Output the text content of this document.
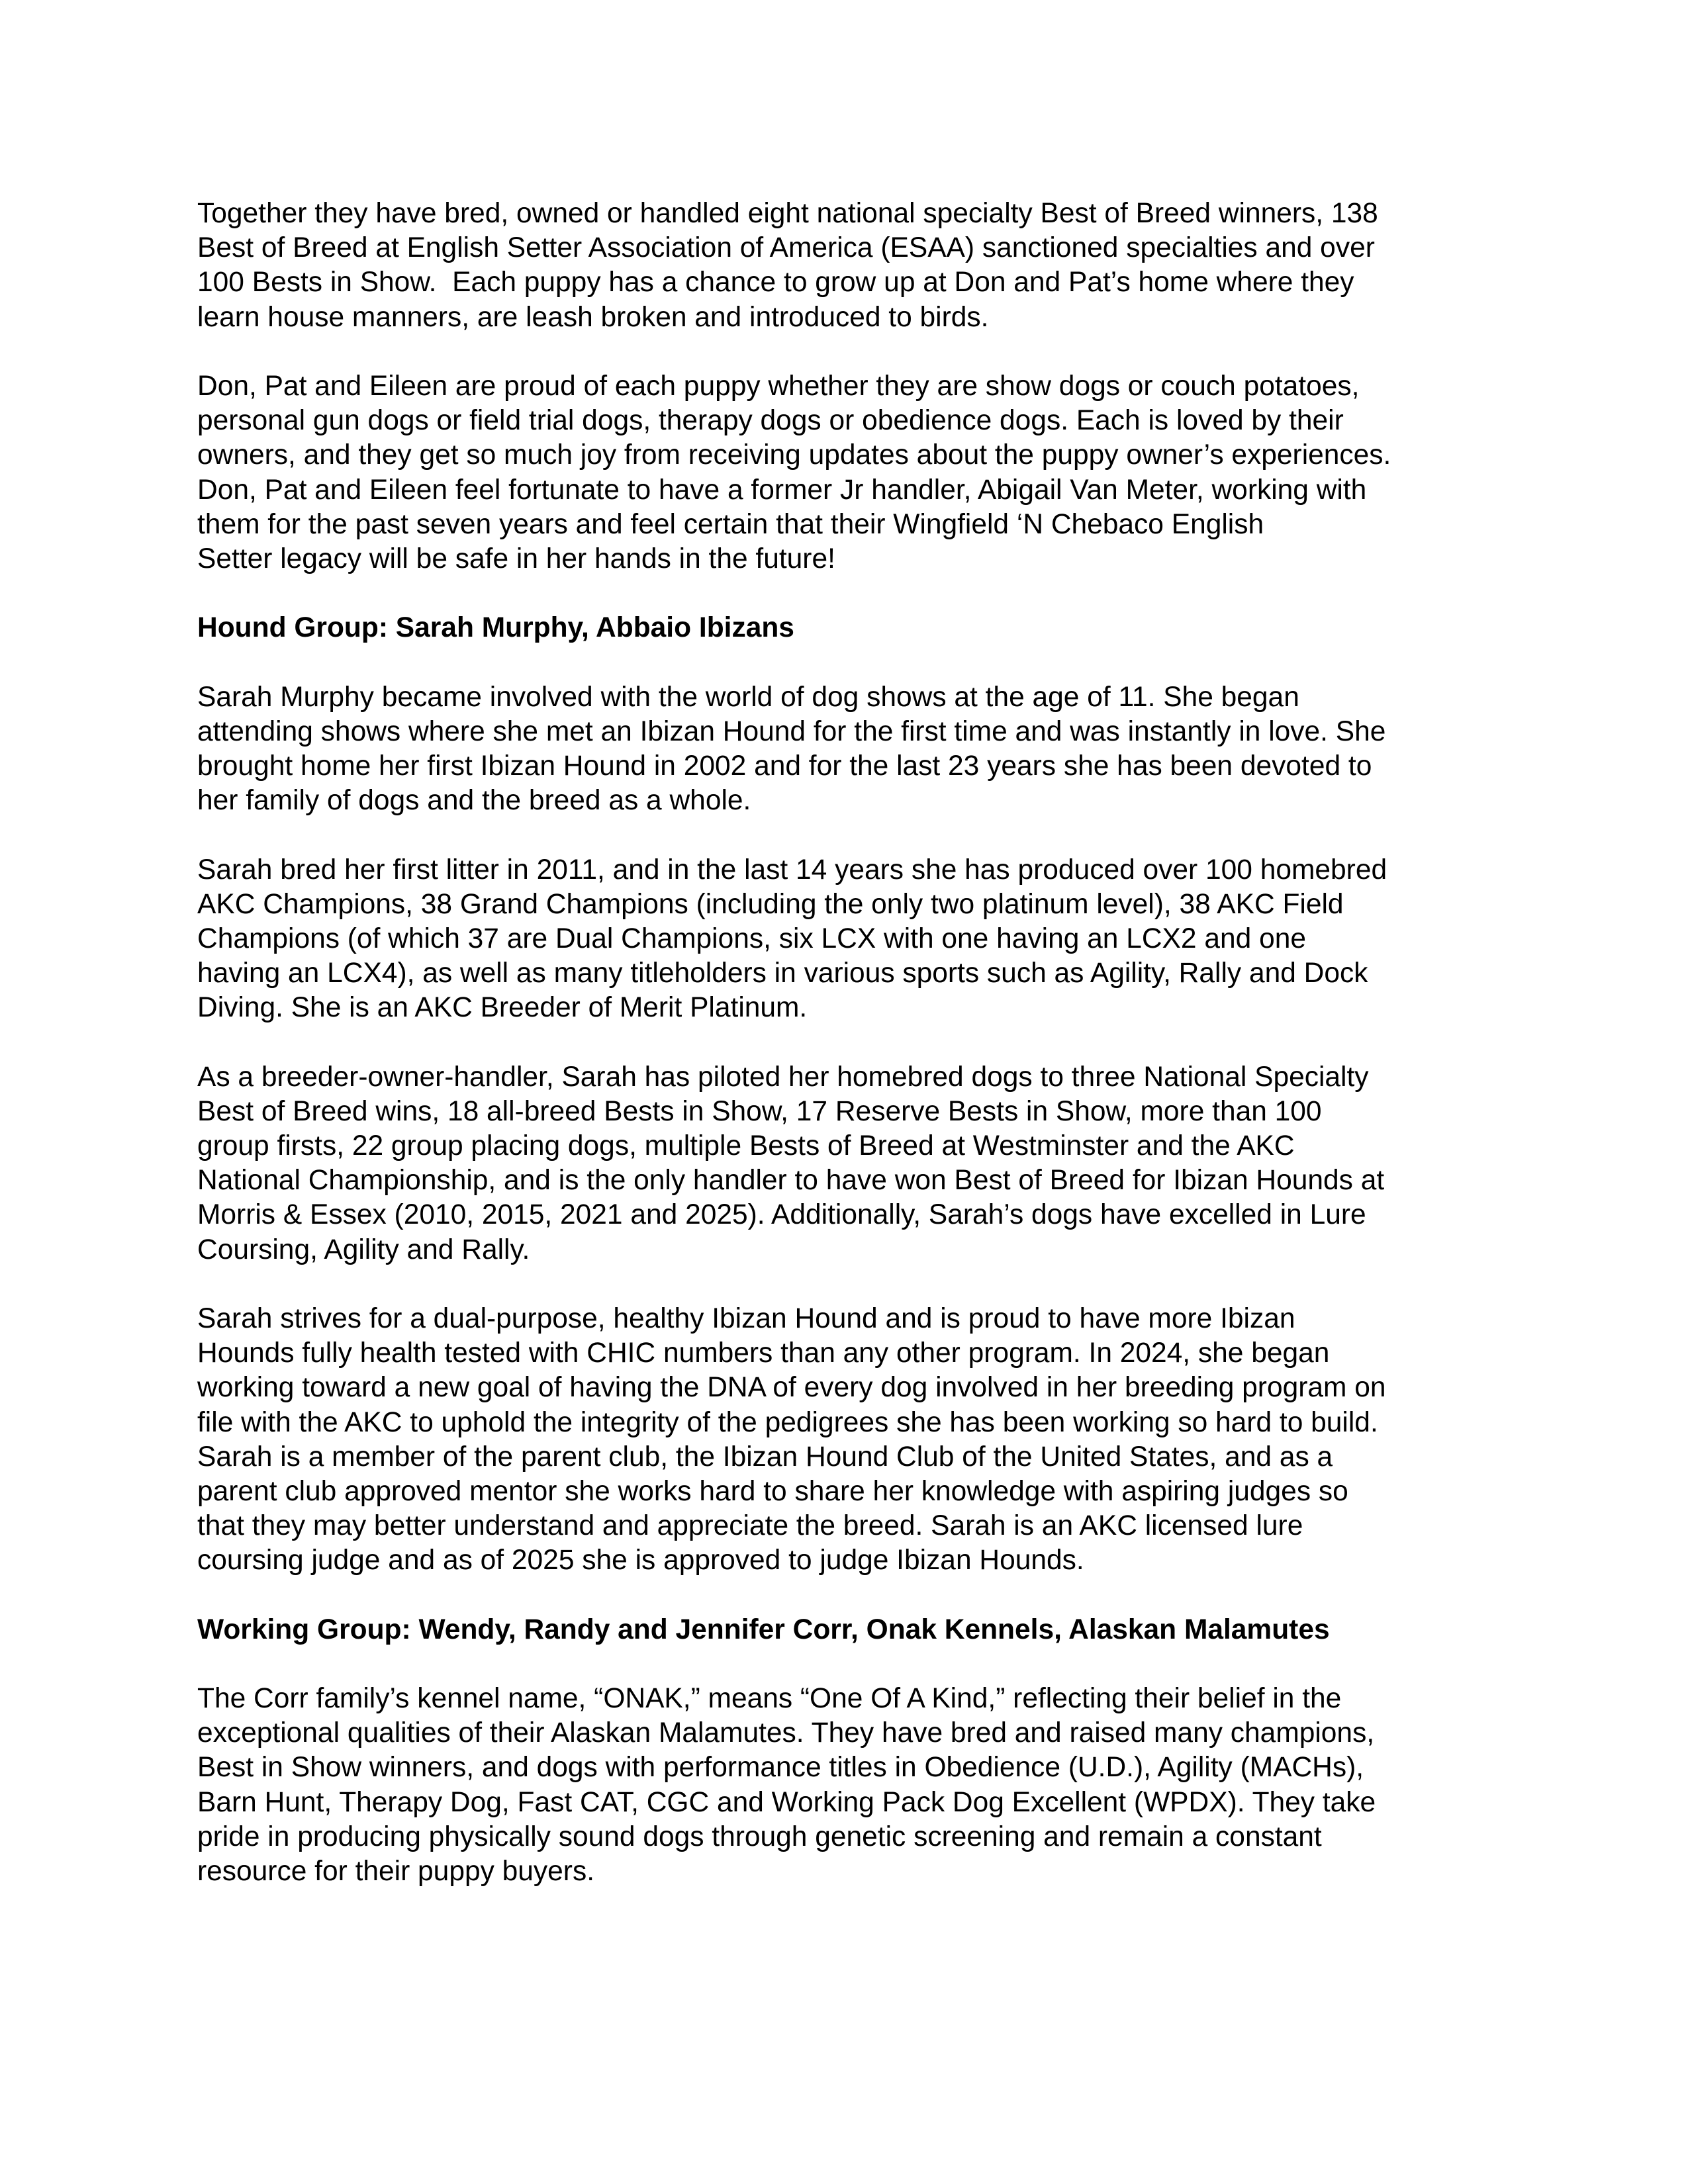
Together they have bred, owned or handled eight national specialty Best of Breed winners, 138
Best of Breed at English Setter Association of America (ESAA) sanctioned specialties and over
100 Bests in Show.  Each puppy has a chance to grow up at Don and Pat’s home where they
learn house manners, are leash broken and introduced to birds.
Don, Pat and Eileen are proud of each puppy whether they are show dogs or couch potatoes,
personal gun dogs or field trial dogs, therapy dogs or obedience dogs. Each is loved by their
owners, and they get so much joy from receiving updates about the puppy owner’s experiences.
Don, Pat and Eileen feel fortunate to have a former Jr handler, Abigail Van Meter, working with
them for the past seven years and feel certain that their Wingfield ‘N Chebaco English
Setter legacy will be safe in her hands in the future!
Hound Group: Sarah Murphy, Abbaio Ibizans
Sarah Murphy became involved with the world of dog shows at the age of 11. She began
attending shows where she met an Ibizan Hound for the first time and was instantly in love. She
brought home her first Ibizan Hound in 2002 and for the last 23 years she has been devoted to
her family of dogs and the breed as a whole.
Sarah bred her first litter in 2011, and in the last 14 years she has produced over 100 homebred
AKC Champions, 38 Grand Champions (including the only two platinum level), 38 AKC Field
Champions (of which 37 are Dual Champions, six LCX with one having an LCX2 and one
having an LCX4), as well as many titleholders in various sports such as Agility, Rally and Dock
Diving. She is an AKC Breeder of Merit Platinum.
As a breeder-owner-handler, Sarah has piloted her homebred dogs to three National Specialty
Best of Breed wins, 18 all-breed Bests in Show, 17 Reserve Bests in Show, more than 100
group firsts, 22 group placing dogs, multiple Bests of Breed at Westminster and the AKC
National Championship, and is the only handler to have won Best of Breed for Ibizan Hounds at
Morris & Essex (2010, 2015, 2021 and 2025). Additionally, Sarah’s dogs have excelled in Lure
Coursing, Agility and Rally.
Sarah strives for a dual-purpose, healthy Ibizan Hound and is proud to have more Ibizan
Hounds fully health tested with CHIC numbers than any other program. In 2024, she began
working toward a new goal of having the DNA of every dog involved in her breeding program on
file with the AKC to uphold the integrity of the pedigrees she has been working so hard to build.
Sarah is a member of the parent club, the Ibizan Hound Club of the United States, and as a
parent club approved mentor she works hard to share her knowledge with aspiring judges so
that they may better understand and appreciate the breed. Sarah is an AKC licensed lure
coursing judge and as of 2025 she is approved to judge Ibizan Hounds.
Working Group: Wendy, Randy and Jennifer Corr, Onak Kennels, Alaskan Malamutes
The Corr family’s kennel name, “ONAK,” means “One Of A Kind,” reflecting their belief in the
exceptional qualities of their Alaskan Malamutes. They have bred and raised many champions,
Best in Show winners, and dogs with performance titles in Obedience (U.D.), Agility (MACHs),
Barn Hunt, Therapy Dog, Fast CAT, CGC and Working Pack Dog Excellent (WPDX). They take
pride in producing physically sound dogs through genetic screening and remain a constant
resource for their puppy buyers.
